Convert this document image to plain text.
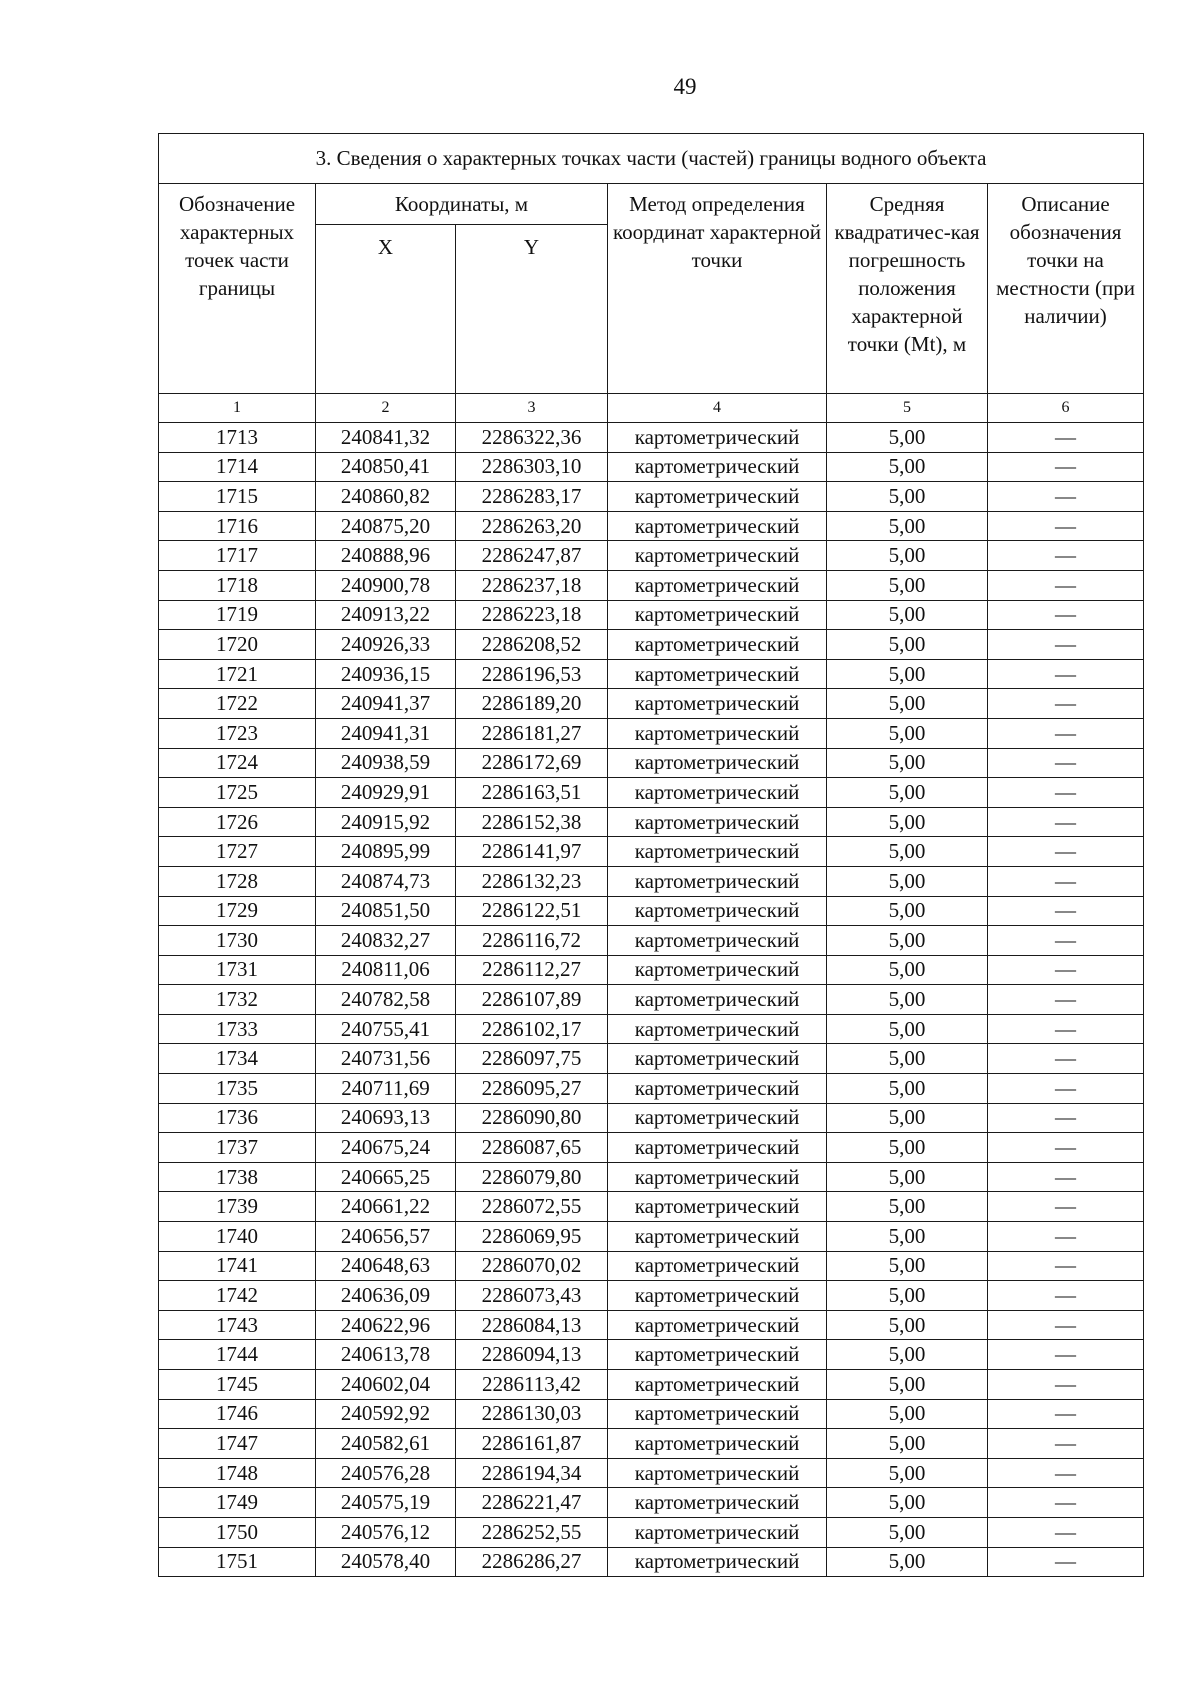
49
3. Сведения о характерных точках части (частей) границы водного объекта					
Обозначение характерных точек части границы	Координаты, м		Метод определения координат характерной точки	Средняя квадратичес-кая погрешность положения характерной точки (Mt), м	Описание обозначения точки на местности (при наличии)
	X	Y			
1	2	3	4	5	6
1713	240841,32	2286322,36	картометрический	5,00	—
1714	240850,41	2286303,10	картометрический	5,00	—
1715	240860,82	2286283,17	картометрический	5,00	—
1716	240875,20	2286263,20	картометрический	5,00	—
1717	240888,96	2286247,87	картометрический	5,00	—
1718	240900,78	2286237,18	картометрический	5,00	—
1719	240913,22	2286223,18	картометрический	5,00	—
1720	240926,33	2286208,52	картометрический	5,00	—
1721	240936,15	2286196,53	картометрический	5,00	—
1722	240941,37	2286189,20	картометрический	5,00	—
1723	240941,31	2286181,27	картометрический	5,00	—
1724	240938,59	2286172,69	картометрический	5,00	—
1725	240929,91	2286163,51	картометрический	5,00	—
1726	240915,92	2286152,38	картометрический	5,00	—
1727	240895,99	2286141,97	картометрический	5,00	—
1728	240874,73	2286132,23	картометрический	5,00	—
1729	240851,50	2286122,51	картометрический	5,00	—
1730	240832,27	2286116,72	картометрический	5,00	—
1731	240811,06	2286112,27	картометрический	5,00	—
1732	240782,58	2286107,89	картометрический	5,00	—
1733	240755,41	2286102,17	картометрический	5,00	—
1734	240731,56	2286097,75	картометрический	5,00	—
1735	240711,69	2286095,27	картометрический	5,00	—
1736	240693,13	2286090,80	картометрический	5,00	—
1737	240675,24	2286087,65	картометрический	5,00	—
1738	240665,25	2286079,80	картометрический	5,00	—
1739	240661,22	2286072,55	картометрический	5,00	—
1740	240656,57	2286069,95	картометрический	5,00	—
1741	240648,63	2286070,02	картометрический	5,00	—
1742	240636,09	2286073,43	картометрический	5,00	—
1743	240622,96	2286084,13	картометрический	5,00	—
1744	240613,78	2286094,13	картометрический	5,00	—
1745	240602,04	2286113,42	картометрический	5,00	—
1746	240592,92	2286130,03	картометрический	5,00	—
1747	240582,61	2286161,87	картометрический	5,00	—
1748	240576,28	2286194,34	картометрический	5,00	—
1749	240575,19	2286221,47	картометрический	5,00	—
1750	240576,12	2286252,55	картометрический	5,00	—
1751	240578,40	2286286,27	картометрический	5,00	—
